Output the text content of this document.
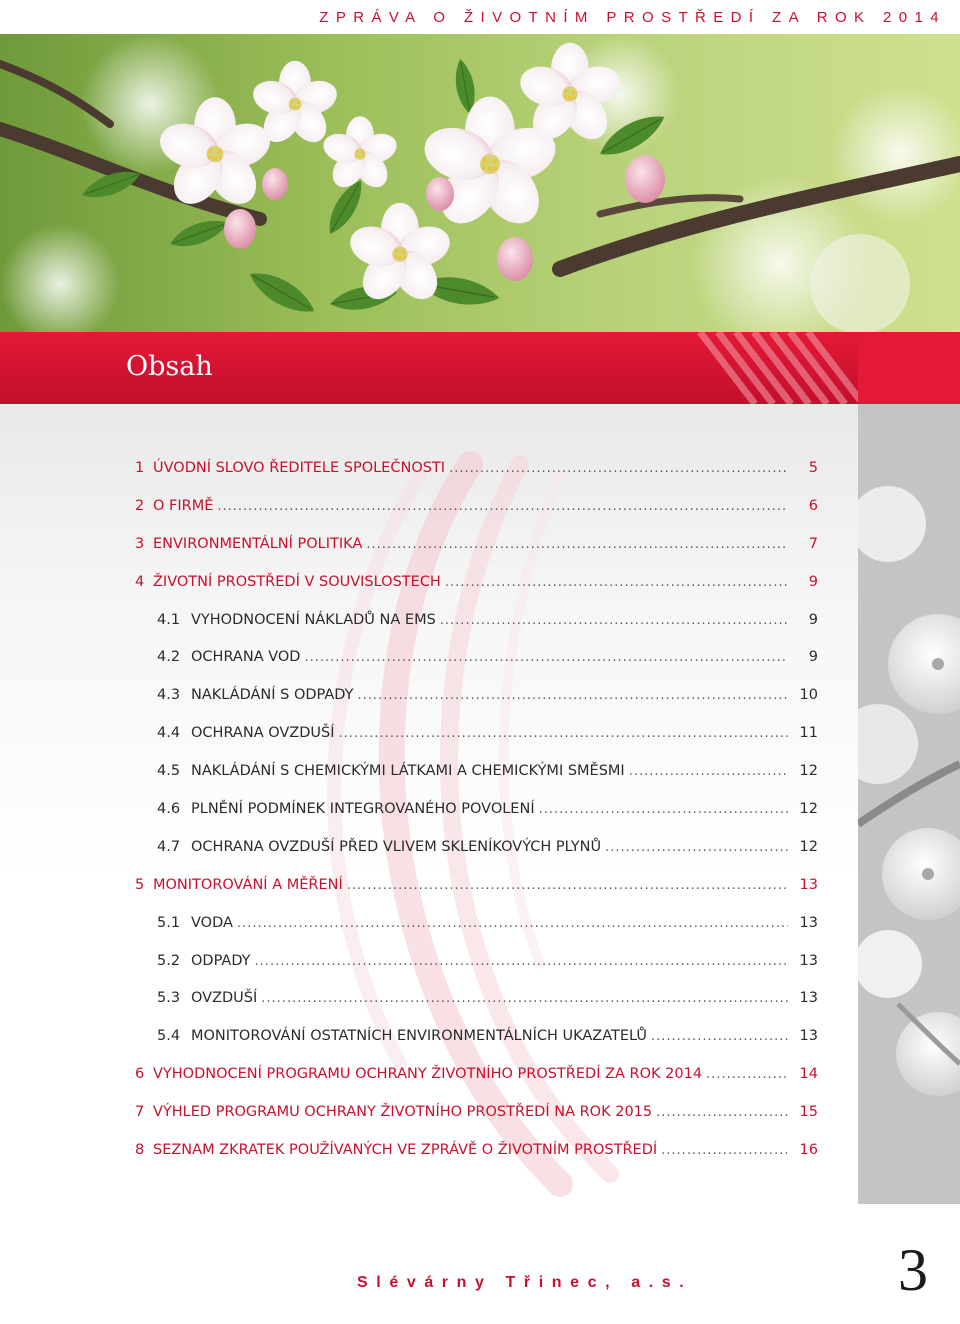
ZPRÁVA O ŽIVOTNÍM PROSTŘEDÍ ZA ROK 2014
Obsah
1 ÚVODNÍ SLOVO ŘEDITELE SPOLEČNOSTI .....	5
2 O FIRMĚ .....	6
3 ENVIRONMENTÁLNÍ POLITIKA .....	7
4 ŽIVOTNÍ PROSTŘEDÍ V SOUVISLOSTECH .....	9
4.1 VYHODNOCENÍ NÁKLADŮ NA EMS .....	9
4.2 OCHRANA VOD .....	9
4.3 NAKLÁDÁNÍ S ODPADY .....	10
4.4 OCHRANA OVZDUŠÍ .....	11
4.5 NAKLÁDÁNÍ S CHEMICKÝMI LÁTKAMI A CHEMICKÝMI SMĚSMI .....	12
4.6 PLNĚNÍ PODMÍNEK INTEGROVANÉHO POVOLENÍ .....	12
4.7 OCHRANA OVZDUŠÍ PŘED VLIVEM SKLENÍKOVÝCH PLYNŮ .....	12
5 MONITOROVÁNÍ A MĚŘENÍ .....	13
5.1 VODA .....	13
5.2 ODPADY .....	13
5.3 OVZDUŠÍ .....	13
5.4 MONITOROVÁNÍ OSTATNÍCH ENVIRONMENTÁLNÍCH UKAZATELŮ .....	13
6 VYHODNOCENÍ PROGRAMU OCHRANY ŽIVOTNÍHO PROSTŘEDÍ ZA ROK 2014 .....	14
7 VÝHLED PROGRAMU OCHRANY ŽIVOTNÍHO PROSTŘEDÍ NA ROK 2015 .....	15
8 SEZNAM ZKRATEK POUŽÍVANÝCH VE ZPRÁVĚ O ŽIVOTNÍM PROSTŘEDÍ .....	16
Slévárny Třinec, a.s.	3
